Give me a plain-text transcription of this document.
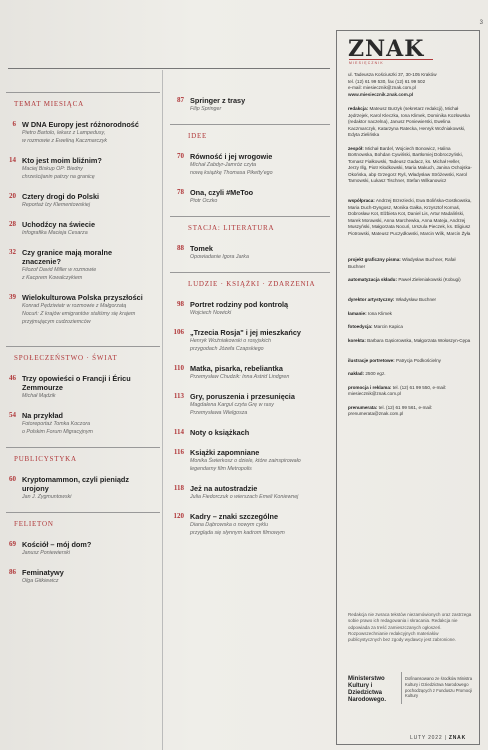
3
TEMAT MIESIĄCA
6 W DNA Europy jest różnorodność
Pietro Bartolo, lekarz z Lampedusy,
w rozmowie z Eweliną Kaczmarczyk
14 Kto jest moim bliźnim?
Maciej Biskup OP: Biedny
chrześcijanin patrzy na granicę
20 Cztery drogi do Polski
Reportaż Izy Klementowskiej
28 Uchodźcy na świecie
Infografika Macieja Cesarza
32 Czy granice mają moralne znaczenie?
Filozof David Miller w rozmowie
z Kacprem Kowalczykiem
39 Wielokulturowa Polska przyszłości
Konrad Pędziwiatr w rozmowie z Małgorzatą
Nocuń: Z krajów emigrantów staliśmy się krajem
przyjmującym cudzoziemców
SPOŁECZEŃSTWO · ŚWIAT
46 Trzy opowieści o Francji i Éricu Zemmourze
Michał Mądzik
54 Na przykład
Fotoreportaż Tomka Koczora
o Polskim Forum Migracyjnym
PUBLICYSTYKA
60 Kryptomammon, czyli pieniądz urojony
Jan J. Zygmuntowski
FELIETON
69 Kościół – mój dom?
Janusz Poniewierski
86 Feminatywy
Olga Gitkiewicz
87 Springer z trasy
Filip Springer
IDEE
70 Równość i jej wrogowie
Michał Zabdyr-Jamróz czyta
nową książkę Thomasa Piketty'ego
78 Ona, czyli #MeToo
Piotr Oczko
STACJA: LITERATURA
88 Tomek
Opowiadanie Igora Jarka
LUDZIE · KSIĄŻKI · ZDARZENIA
98 Portret rodziny pod kontrolą
Wojciech Nowicki
106 „Trzecia Rosja" i jej mieszkańcy
Henryk Woźniakowski o rosyjskich
przygodach Józefa Czapskiego
110 Matka, pisarka, rebeliantka
Przemysław Chudzik: Inna Astrid Lindgren
113 Gry, poruszenia i przesunięcia
Magdalena Kargul czyta Grę w rasy
Przemysława Wielgosza
114 Noty o książkach
116 Książki zapomniane
Monika Świerkosz o dziele, które zainspirowało
legendarny film Metropolis
118 Jeż na autostradzie
Julia Fiedorczuk o wierszach Emeli Koniewnej
120 Kadry – znaki szczególne
Diana Dąbrowska o nowym cyklu
przygląda się słynnym kadrom filmowym
ZNAK
MIESIĘCZNIK
ul. Tadeusza Kościuszki 37, 30-105 Kraków
tel. (12) 61 99 530, fax (12) 61 99 502
e-mail: miesiecznik@znak.com.pl
www.miesiecznik.znak.com.pl
redakcja: Mateusz Burzyk (sekretarz redakcji), Michał Jędrzejek, Karol Kleczka, Iona Klimek, Dominika Kozłowska (redaktor naczelna), Janusz Poniewierski, Ewelina Kaczmarczyk, Katarzyna Ratecka, Henryk Woźniakowski, Edyta Zielińska
zespół: Michał Bardel, Wojciech Bonowicz, Halina Bortnowska, Bohdan Cywiński, Bartłomiej Dobroczyński, Tomasz Fiałkowski, Tadeusz Gadacz, ks. Michał Heller, Jerzy Illg, Piotr Kłodkowski, Maria Makuch, Janina Ochojska-Okońska, abp Grzegorz Ryś, Władysław Stróżewski, Karol Tarnowski, Łukasz Tischner, Stefan Wilkanowicz
współpraca: Andrzej Brzeziecki, Ewa Bolińska-Gostkowska, Maria Duch-Dyngosz, Monika Gałka, Krzysztof Kornaś, Dobrosław Kot, Elżbieta Kot, Daniel Lis, Artur Madaliński, Marek Morawski, Anna Marchewka, Anna Mateja, Andrzej Muszyński, Małgorzata Nocuń, Urszula Pieczek, ks. Eligiusz Piotrowski, Mateusz Puczydłowski, Marcin Wilk, Marcin Żyła
projekt graficzny pisma: Władysław Buchner, Rafał Buchner
automatyzacja składu: Paweł Zieleniakowski (Kobugi)
dyrektor artystyczny: Władysław Buchner
łamanie: Iona Klimek
fotoedycja: Marcin Kapica
korekta: Barbara Gąsiorowska, Małgorzata Wołoszyn-Cępa
ilustracje portretowe: Patrycja Podkościelny
nakład: 2500 egz.
promocja i reklama: tel. (12) 61 99 550, e-mail: miesiecznik@znak.com.pl
prenumerata: tel. (12) 61 99 561, e-mail: prenumerata@znak.com.pl
Redakcja nie zwraca tekstów niezamówionych oraz zastrzega sobie prawo ich redagowania i skracania. Redakcja nie odpowiada za treść zamieszczanych ogłoszeń. Rozpowszechnianie redakcyjnych materiałów publicystycznych bez zgody wydawcy jest zabronione.
Ministerstwo Kultury i Dziedzictwa Narodowego.
Dofinansowano ze środków Ministra Kultury i Dziedzictwa Narodowego pochodzących z Funduszu Promocji Kultury
LUTY 2022 | ZNAK
